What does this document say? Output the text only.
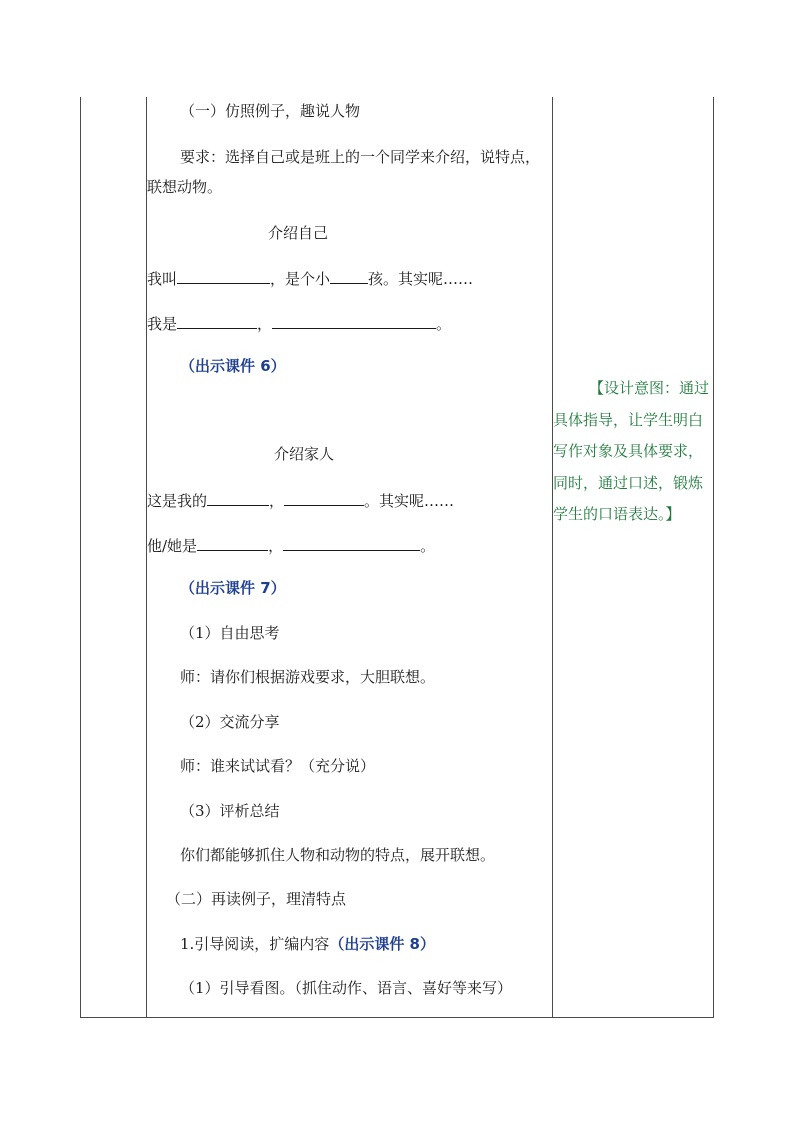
（一）仿照例子，趣说人物
要求：选择自己或是班上的一个同学来介绍，说特点，
联想动物。
介绍自己
我叫	，是个小	孩。其实呢……
我是	，	。
（出示课件 6）
介绍家人
这是我的	，	。其实呢……
他/她是	，	。
（出示课件 7）
（1）自由思考
师：请你们根据游戏要求，大胆联想。
（2）交流分享
师：谁来试试看？（充分说）
（3）评析总结
你们都能够抓住人物和动物的特点，展开联想。
（二）再读例子，理清特点
1.引导阅读，扩编内容（出示课件 8）
（1）引导看图。（抓住动作、语言、喜好等来写）
【设计意图：通过
具体指导，让学生明白
写作对象及具体要求，
同时，通过口述，锻炼
学生的口语表达。】
